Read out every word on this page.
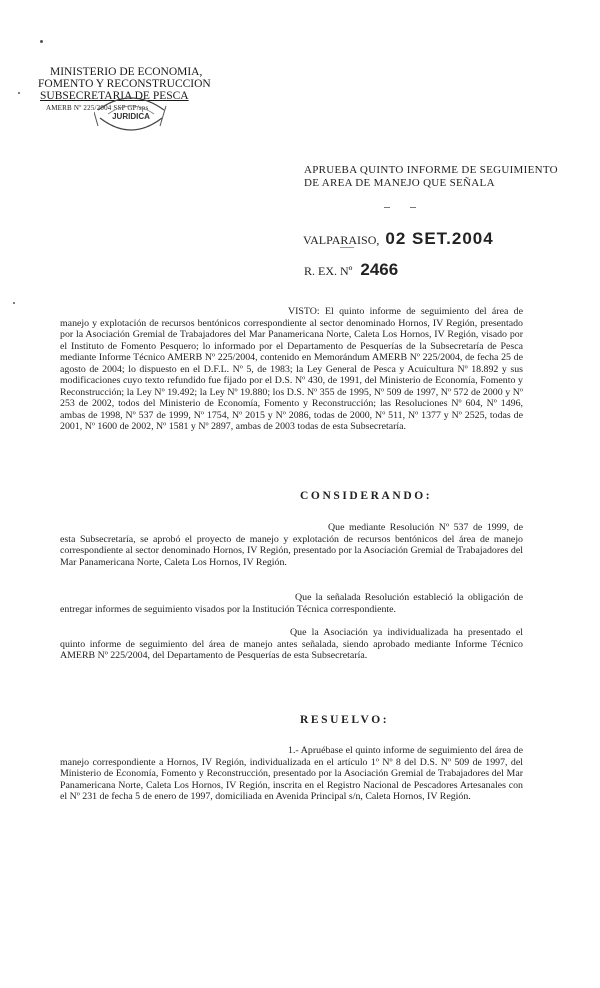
MINISTERIO DE ECONOMIA,
FOMENTO Y RECONSTRUCCION
SUBSECRETARIA DE PESCA
AMERB Nº 225/2004 SSP GP/sps
JURIDICA
APRUEBA QUINTO INFORME DE SEGUIMIENTO
DE AREA DE MANEJO QUE SEÑALA
VALPARAISO, 02 SET.2004
R. EX. Nº 2466

VISTO: El quinto informe de seguimiento del área de manejo y explotación de recursos bentónicos correspondiente al sector denominado Hornos, IV Región, presentado por la Asociación Gremial de Trabajadores del Mar Panamericana Norte, Caleta Los Hornos, IV Región, visado por el Instituto de Fomento Pesquero; lo informado por el Departamento de Pesquerías de la Subsecretaría de Pesca mediante Informe Técnico AMERB Nº 225/2004, contenido en Memorándum AMERB Nº 225/2004, de fecha 25 de agosto de 2004; lo dispuesto en el D.F.L. Nº 5, de 1983; la Ley General de Pesca y Acuicultura Nº 18.892 y sus modificaciones cuyo texto refundido fue fijado por el D.S. Nº 430, de 1991, del Ministerio de Economía, Fomento y Reconstrucción; la Ley Nº 19.492; la Ley Nº 19.880; los D.S. Nº 355 de 1995, Nº 509 de 1997, Nº 572 de 2000 y Nº 253 de 2002, todos del Ministerio de Economía, Fomento y Reconstrucción; las Resoluciones Nº 604, Nº 1496, ambas de 1998, Nº 537 de 1999, Nº 1754, Nº 2015 y Nº 2086, todas de 2000, Nº 511, Nº 1377 y Nº 2525, todas de 2001, Nº 1600 de 2002, Nº 1581 y Nº 2897, ambas de 2003 todas de esta Subsecretaría.

CONSIDERANDO:

Que mediante Resolución Nº 537 de 1999, de esta Subsecretaría, se aprobó el proyecto de manejo y explotación de recursos bentónicos del área de manejo correspondiente al sector denominado Hornos, IV Región, presentado por la Asociación Gremial de Trabajadores del Mar Panamericana Norte, Caleta Los Hornos, IV Región.

Que la señalada Resolución estableció la obligación de entregar informes de seguimiento visados por la Institución Técnica correspondiente.

Que la Asociación ya individualizada ha presentado el quinto informe de seguimiento del área de manejo antes señalada, siendo aprobado mediante Informe Técnico AMERB Nº 225/2004, del Departamento de Pesquerías de esta Subsecretaría.

RESUELVO:

1.- Apruébase el quinto informe de seguimiento del área de manejo correspondiente a Hornos, IV Región, individualizada en el artículo 1º Nº 8 del D.S. Nº 509 de 1997, del Ministerio de Economía, Fomento y Reconstrucción, presentado por la Asociación Gremial de Trabajadores del Mar Panamericana Norte, Caleta Los Hornos, IV Región, inscrita en el Registro Nacional de Pescadores Artesanales con el Nº 231 de fecha 5 de enero de 1997, domiciliada en Avenida Principal s/n, Caleta Hornos, IV Región.
